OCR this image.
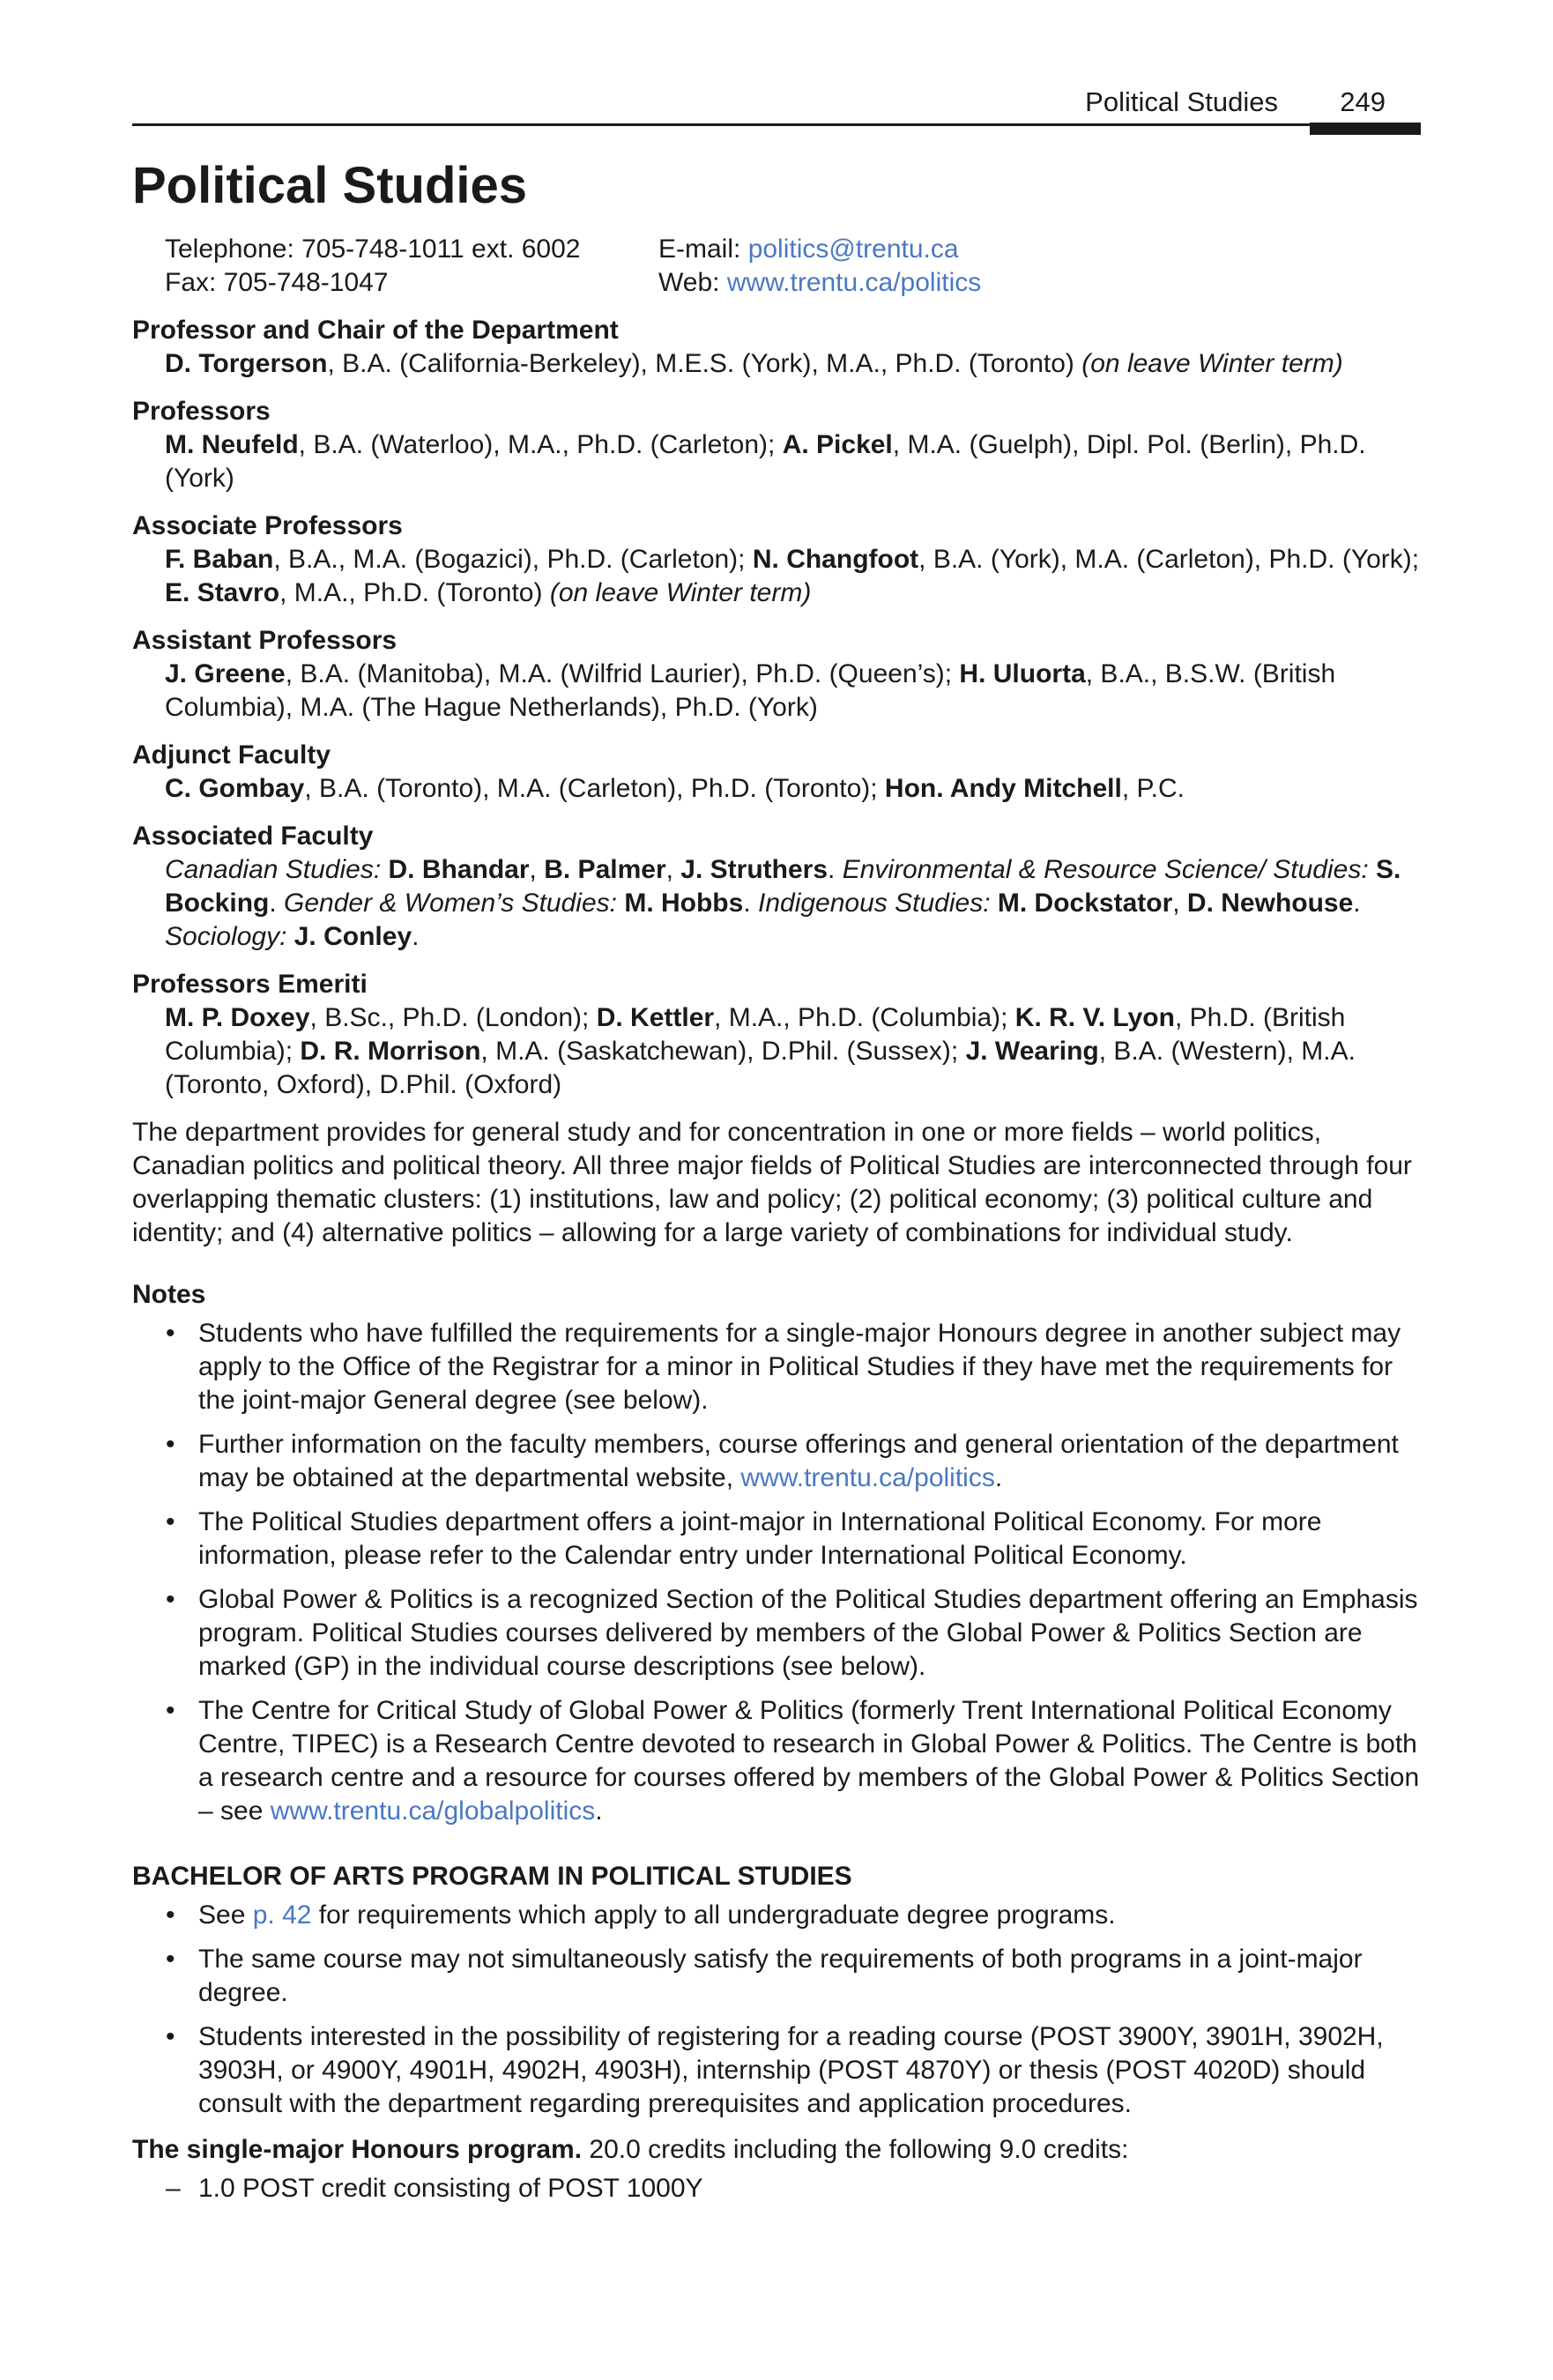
Political Studies 249
Political Studies
Telephone: 705-748-1011 ext. 6002	E-mail: politics@trentu.ca
Fax: 705-748-1047	Web: www.trentu.ca/politics
Professor and Chair of the Department
D. Torgerson, B.A. (California-Berkeley), M.E.S. (York), M.A., Ph.D. (Toronto) (on leave Winter term)
Professors
M. Neufeld, B.A. (Waterloo), M.A., Ph.D. (Carleton); A. Pickel, M.A. (Guelph), Dipl. Pol. (Berlin), Ph.D. (York)
Associate Professors
F. Baban, B.A., M.A. (Bogazici), Ph.D. (Carleton); N. Changfoot, B.A. (York), M.A. (Carleton), Ph.D. (York); E. Stavro, M.A., Ph.D. (Toronto) (on leave Winter term)
Assistant Professors
J. Greene, B.A. (Manitoba), M.A. (Wilfrid Laurier), Ph.D. (Queen’s); H. Uluorta, B.A., B.S.W. (British Columbia), M.A. (The Hague Netherlands), Ph.D. (York)
Adjunct Faculty
C. Gombay, B.A. (Toronto), M.A. (Carleton), Ph.D. (Toronto); Hon. Andy Mitchell, P.C.
Associated Faculty
Canadian Studies: D. Bhandar, B. Palmer, J. Struthers. Environmental & Resource Science/ Studies: S. Bocking. Gender & Women’s Studies: M. Hobbs. Indigenous Studies: M. Dockstator, D. Newhouse. Sociology: J. Conley.
Professors Emeriti
M. P. Doxey, B.Sc., Ph.D. (London); D. Kettler, M.A., Ph.D. (Columbia); K. R. V. Lyon, Ph.D. (British Columbia); D. R. Morrison, M.A. (Saskatchewan), D.Phil. (Sussex); J. Wearing, B.A. (Western), M.A. (Toronto, Oxford), D.Phil. (Oxford)

The department provides for general study and for concentration in one or more fields – world politics, Canadian politics and political theory. All three major fields of Political Studies are interconnected through four overlapping thematic clusters: (1) institutions, law and policy; (2) political economy; (3) political culture and identity; and (4) alternative politics – allowing for a large variety of combinations for individual study.

Notes
• Students who have fulfilled the requirements for a single-major Honours degree in another subject may apply to the Office of the Registrar for a minor in Political Studies if they have met the requirements for the joint-major General degree (see below).
• Further information on the faculty members, course offerings and general orientation of the department may be obtained at the departmental website, www.trentu.ca/politics.
• The Political Studies department offers a joint-major in International Political Economy. For more information, please refer to the Calendar entry under International Political Economy.
• Global Power & Politics is a recognized Section of the Political Studies department offering an Emphasis program. Political Studies courses delivered by members of the Global Power & Politics Section are marked (GP) in the individual course descriptions (see below).
• The Centre for Critical Study of Global Power & Politics (formerly Trent International Political Economy Centre, TIPEC) is a Research Centre devoted to research in Global Power & Politics. The Centre is both a research centre and a resource for courses offered by members of the Global Power & Politics Section – see www.trentu.ca/globalpolitics.
BACHELOR OF ARTS PROGRAM IN POLITICAL STUDIES
• See p. 42 for requirements which apply to all undergraduate degree programs.
• The same course may not simultaneously satisfy the requirements of both programs in a joint-major degree.
• Students interested in the possibility of registering for a reading course (POST 3900Y, 3901H, 3902H, 3903H, or 4900Y, 4901H, 4902H, 4903H), internship (POST 4870Y) or thesis (POST 4020D) should consult with the department regarding prerequisites and application procedures.

The single-major Honours program. 20.0 credits including the following 9.0 credits:

– 1.0 POST credit consisting of POST 1000Y
